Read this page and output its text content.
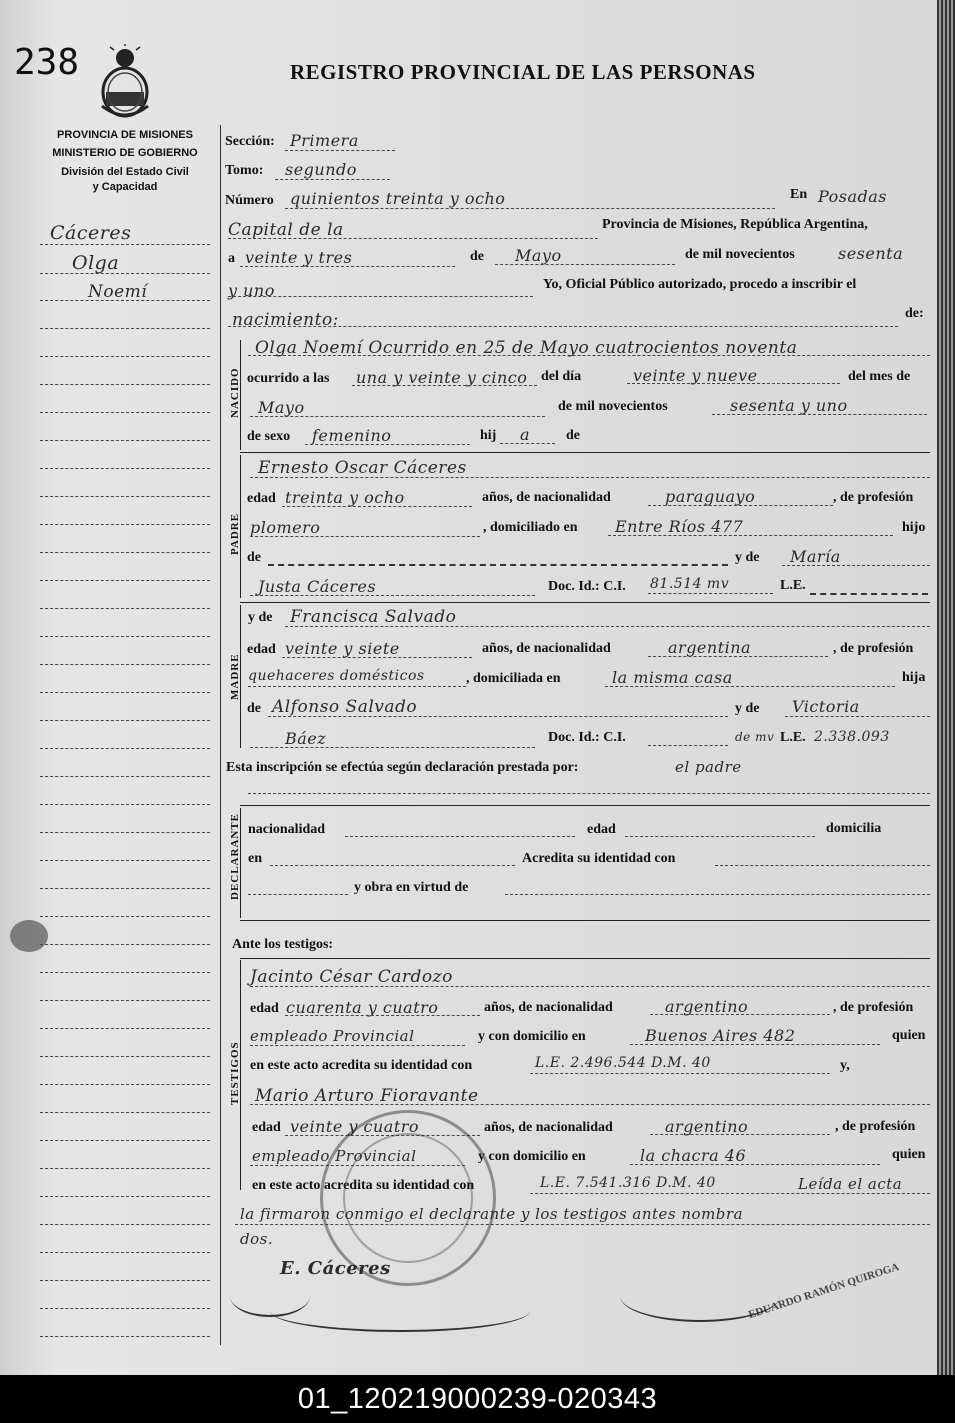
238	REGISTRO PROVINCIAL DE LAS PERSONAS
PROVINCIA DE MISIONES
MINISTERIO DE GOBIERNO
División del Estado Civil
y Capacidad
Cáceres
Olga
Noemí
Sección: Primera
Tomo: segundo
Número quinientos treinta y ocho	En Posadas
Capital de la	Provincia de Misiones, República Argentina,
a veinte y tres	de Mayo	de mil novecientos	sesenta
y uno	Yo, Oficial Público autorizado, procedo a inscribir el
nacimiento:	de:
NACIDO
Olga Noemí Ocurrido en 25 de Mayo cuatrocientos noventa
ocurrido a las una y veinte y cinco del día	veinte y nueve	del mes de
Mayo	de mil novecientos	sesenta y uno
de sexo femenino	hij a	de
PADRE
Ernesto Oscar Cáceres
edad treinta y ocho	años, de nacionalidad	paraguayo	, de profesión
plomero	, domiciliado en Entre Ríos 477	hijo
de	y de María
Justa Cáceres	Doc. Id.: C.I. 81.514 mv	L.E.
MADRE
y de Francisca Salvado
edad veinte y siete	años, de nacionalidad	argentina	, de profesión
quehaceres domésticos	, domiciliada en	la misma casa	hija
de Alfonso Salvado	y de Victoria
Báez	Doc. Id.: C.I.	de mv L.E. 2.338.093
Esta inscripción se efectúa según declaración prestada por:	el padre
DECLARANTE nacionalidad	edad	domicilia
en	Acredita su identidad con
y obra en virtud de
Ante los testigos:
TESTIGOS
Jacinto César Cardozo
edad cuarenta y cuatro	años, de nacionalidad	argentino	, de profesión
empleado Provincial	y con domicilio en	Buenos Aires 482	quien
en este acto acredita su identidad con	L.E. 2.496.544 D.M. 40	y,
Mario Arturo Fioravante
edad veinte y cuatro	años, de nacionalidad	argentino	, de profesión
empleado Provincial	y con domicilio en	la chacra 46	quien
en este acto acredita su identidad con	L.E. 7.541.316 D.M. 40	Leída el acta
la firmaron conmigo el declarante y los testigos antes nombra
dos.
E. Cáceres	EDUARDO RAMÓN QUIROGA
01_120219000239-020343
